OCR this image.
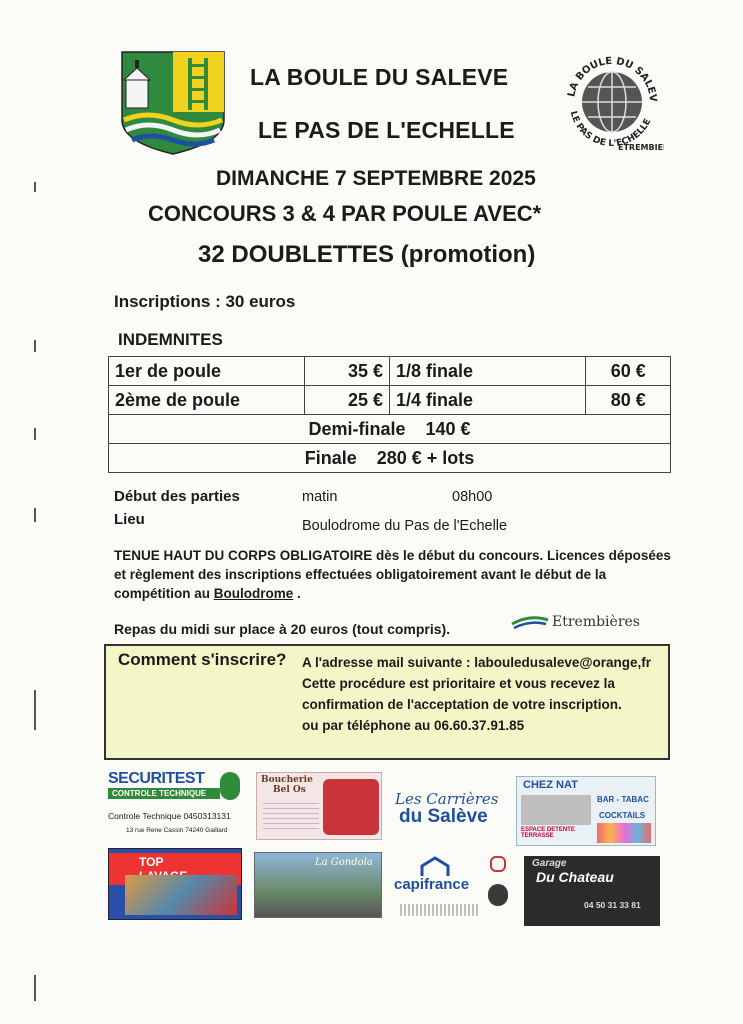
LA BOULE DU SALEV
LE PAS DE L'ECHELLE
ETREMBIE
LA BOULE DU SALEVE
LE PAS DE L'ECHELLE
DIMANCHE 7 SEPTEMBRE 2025
CONCOURS 3 & 4 PAR POULE AVEC*
32 DOUBLETTES (promotion)
Inscriptions : 30 euros
INDEMNITES
1er de poule	35 €	1/8 finale	60 €
2ème de poule	25 €	1/4 finale	80 €
Demi-finale 140 €			
Finale 280 € + lots			
Début des parties	matin	08h00
Lieu	Boulodrome du Pas de l'Echelle
TENUE HAUT DU CORPS OBLIGATOIRE dès le début du concours. Licences déposées
et règlement des inscriptions effectuées obligatoirement avant le début de la
compétition au Boulodrome .
Repas du midi sur place à 20 euros (tout compris).	Etrembières
Comment s'inscrire? A l'adresse mail suivante : labouledusaleve@orange,fr
Cette procédure est prioritaire et vous recevez la
confirmation de l'acceptation de votre inscription.
ou par téléphone au 06.60.37.91.85
SECURITEST
CONTROLE TECHNIQUE
Controle Technique 0450313131
13 rue Rene Cassin 74240 Gaillard
Boucherie
Bel Os	Les Carrières
du Salève
CHEZ NAT
BAR - TABAC
COCKTAILS
ESPACE DETENTE TERRASSE
TOP	La Gondola
capifrance
Garage
Du Chateau
04 50 31 33 81
